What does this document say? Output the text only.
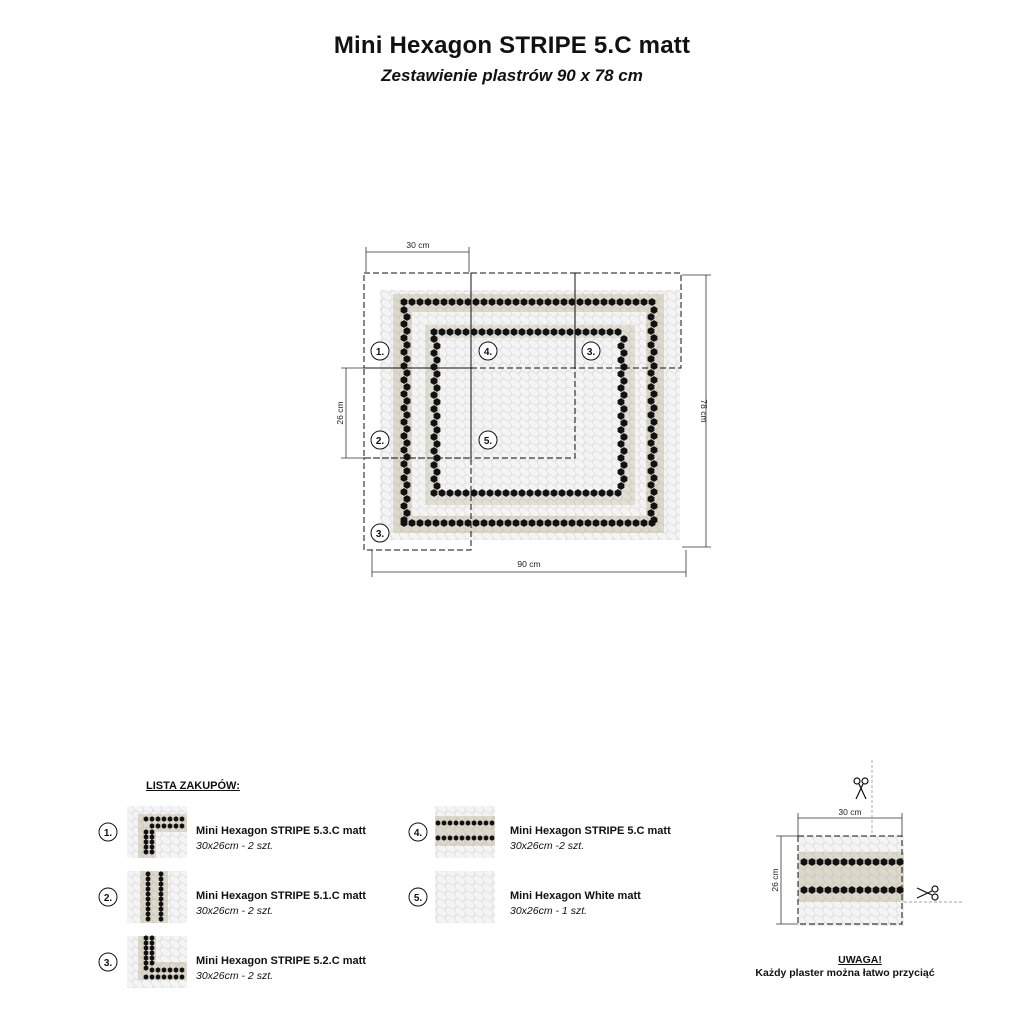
Mini Hexagon STRIPE 5.C matt
Zestawienie plastrów 90 x 78 cm
30 cm
26 cm	78 cm
90 cm
1.	4.	3.
2.	5.
3.
1.
2.
3.
4.
5.
30 cm
26 cm
LISTA ZAKUPÓW:
Mini Hexagon STRIPE 5.3.C matt
30x26cm - 2 szt.
Mini Hexagon STRIPE 5.1.C matt
30x26cm - 2 szt.
Mini Hexagon STRIPE 5.2.C matt
30x26cm - 2 szt.
Mini Hexagon STRIPE 5.C matt
30x26cm -2 szt.
Mini Hexagon White matt
30x26cm - 1 szt.
UWAGA!
Każdy plaster można łatwo przyciąć
